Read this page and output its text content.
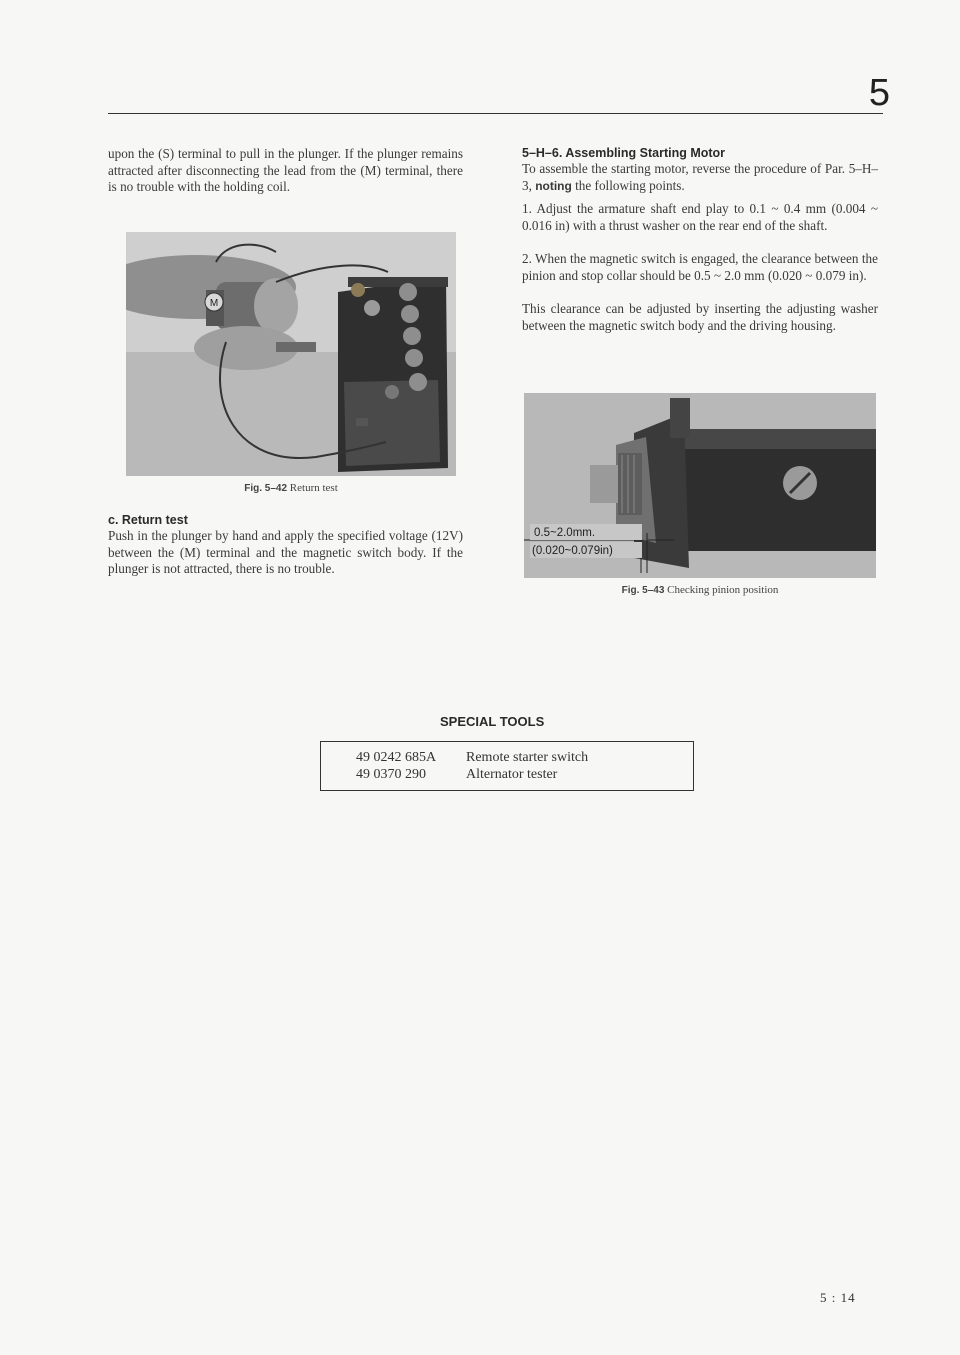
5
upon the (S) terminal to pull in the plunger. If the plunger remains attracted after disconnecting the lead from the (M) terminal, there is no trouble with the holding coil.
M
Fig. 5–42 Return test
c. Return test
Push in the plunger by hand and apply the specified voltage (12V) between the (M) terminal and the magnetic switch body. If the plunger is not attracted, there is no trouble.
5–H–6. Assembling Starting Motor
To assemble the starting motor, reverse the procedure of Par. 5–H–3, noting the following points.
1. Adjust the armature shaft end play to 0.1 ~ 0.4 mm (0.004 ~ 0.016 in) with a thrust washer on the rear end of the shaft.
2. When the magnetic switch is engaged, the clearance between the pinion and stop collar should be 0.5 ~ 2.0 mm (0.020 ~ 0.079 in).
This clearance can be adjusted by inserting the adjusting washer between the magnetic switch body and the driving housing.
0.5~2.0mm.
(0.020~0.079in)
Fig. 5–43 Checking pinion position
SPECIAL TOOLS
49 0242 685A Remote starter switch
49 0370 290	Alternator tester
5 : 14
